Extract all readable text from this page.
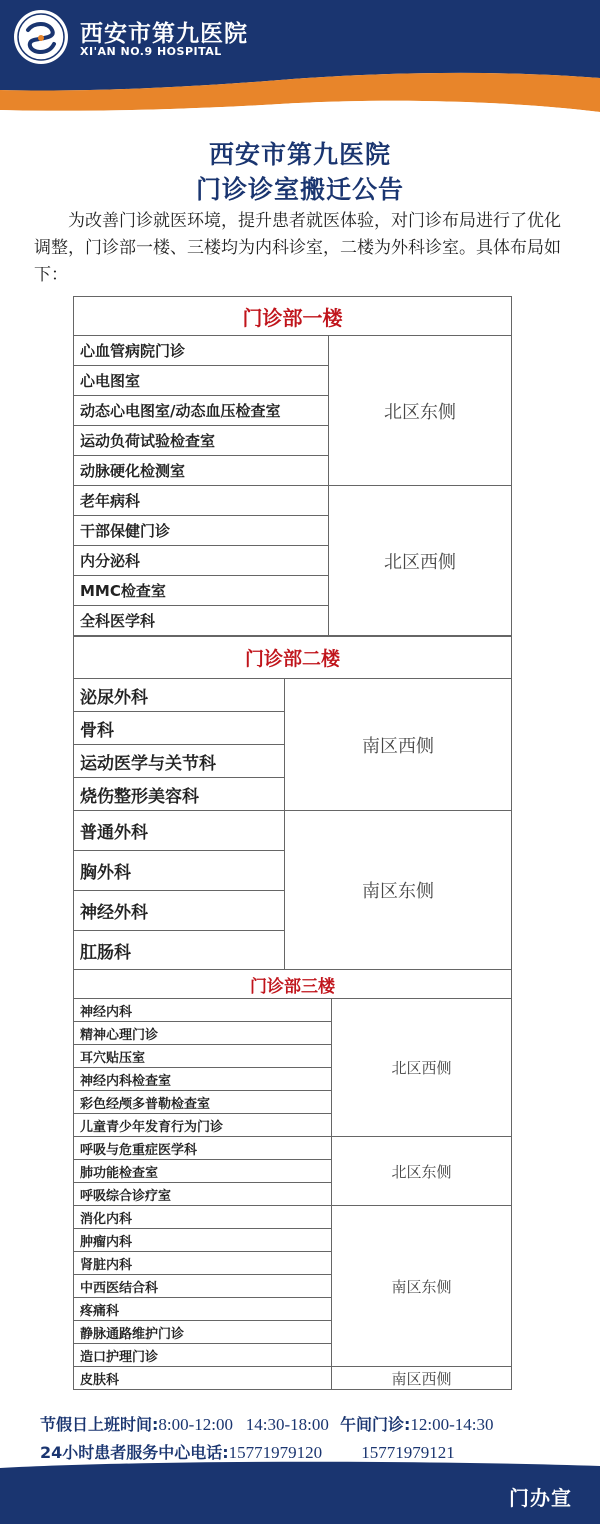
西安市第九医院
XI'AN NO.9 HOSPITAL
西安市第九医院
门诊诊室搬迁公告
为改善门诊就医环境，提升患者就医体验，对门诊布局进行了优化调整，门诊部一楼、三楼均为内科诊室，二楼为外科诊室。具体布局如下：
门诊部一楼	
心血管病院门诊	北区东侧
心电图室	
动态心电图室/动态血压检查室	
运动负荷试验检查室	
动脉硬化检测室	
老年病科	北区西侧
干部保健门诊	
内分泌科	
MMC检查室	
全科医学科	
门诊部二楼	
泌尿外科	南区西侧
骨科	
运动医学与关节科	
烧伤整形美容科	
普通外科	南区东侧
胸外科	
神经外科	
肛肠科	
门诊部三楼	
神经内科	北区西侧
精神心理门诊	
耳穴贴压室	
神经内科检查室	
彩色经颅多普勒检查室	
儿童青少年发育行为门诊	
呼吸与危重症医学科	北区东侧
肺功能检查室	
呼吸综合诊疗室	
消化内科	南区东侧
肿瘤内科	
肾脏内科	
中西医结合科	
疼痛科	
静脉通路维护门诊	
造口护理门诊	
皮肤科	南区西侧
节假日上班时间:8:00-12:00   14:30-18:00 午间门诊:12:00-14:30
24小时患者服务中心电话:15771979120 15771979121
门办宣
